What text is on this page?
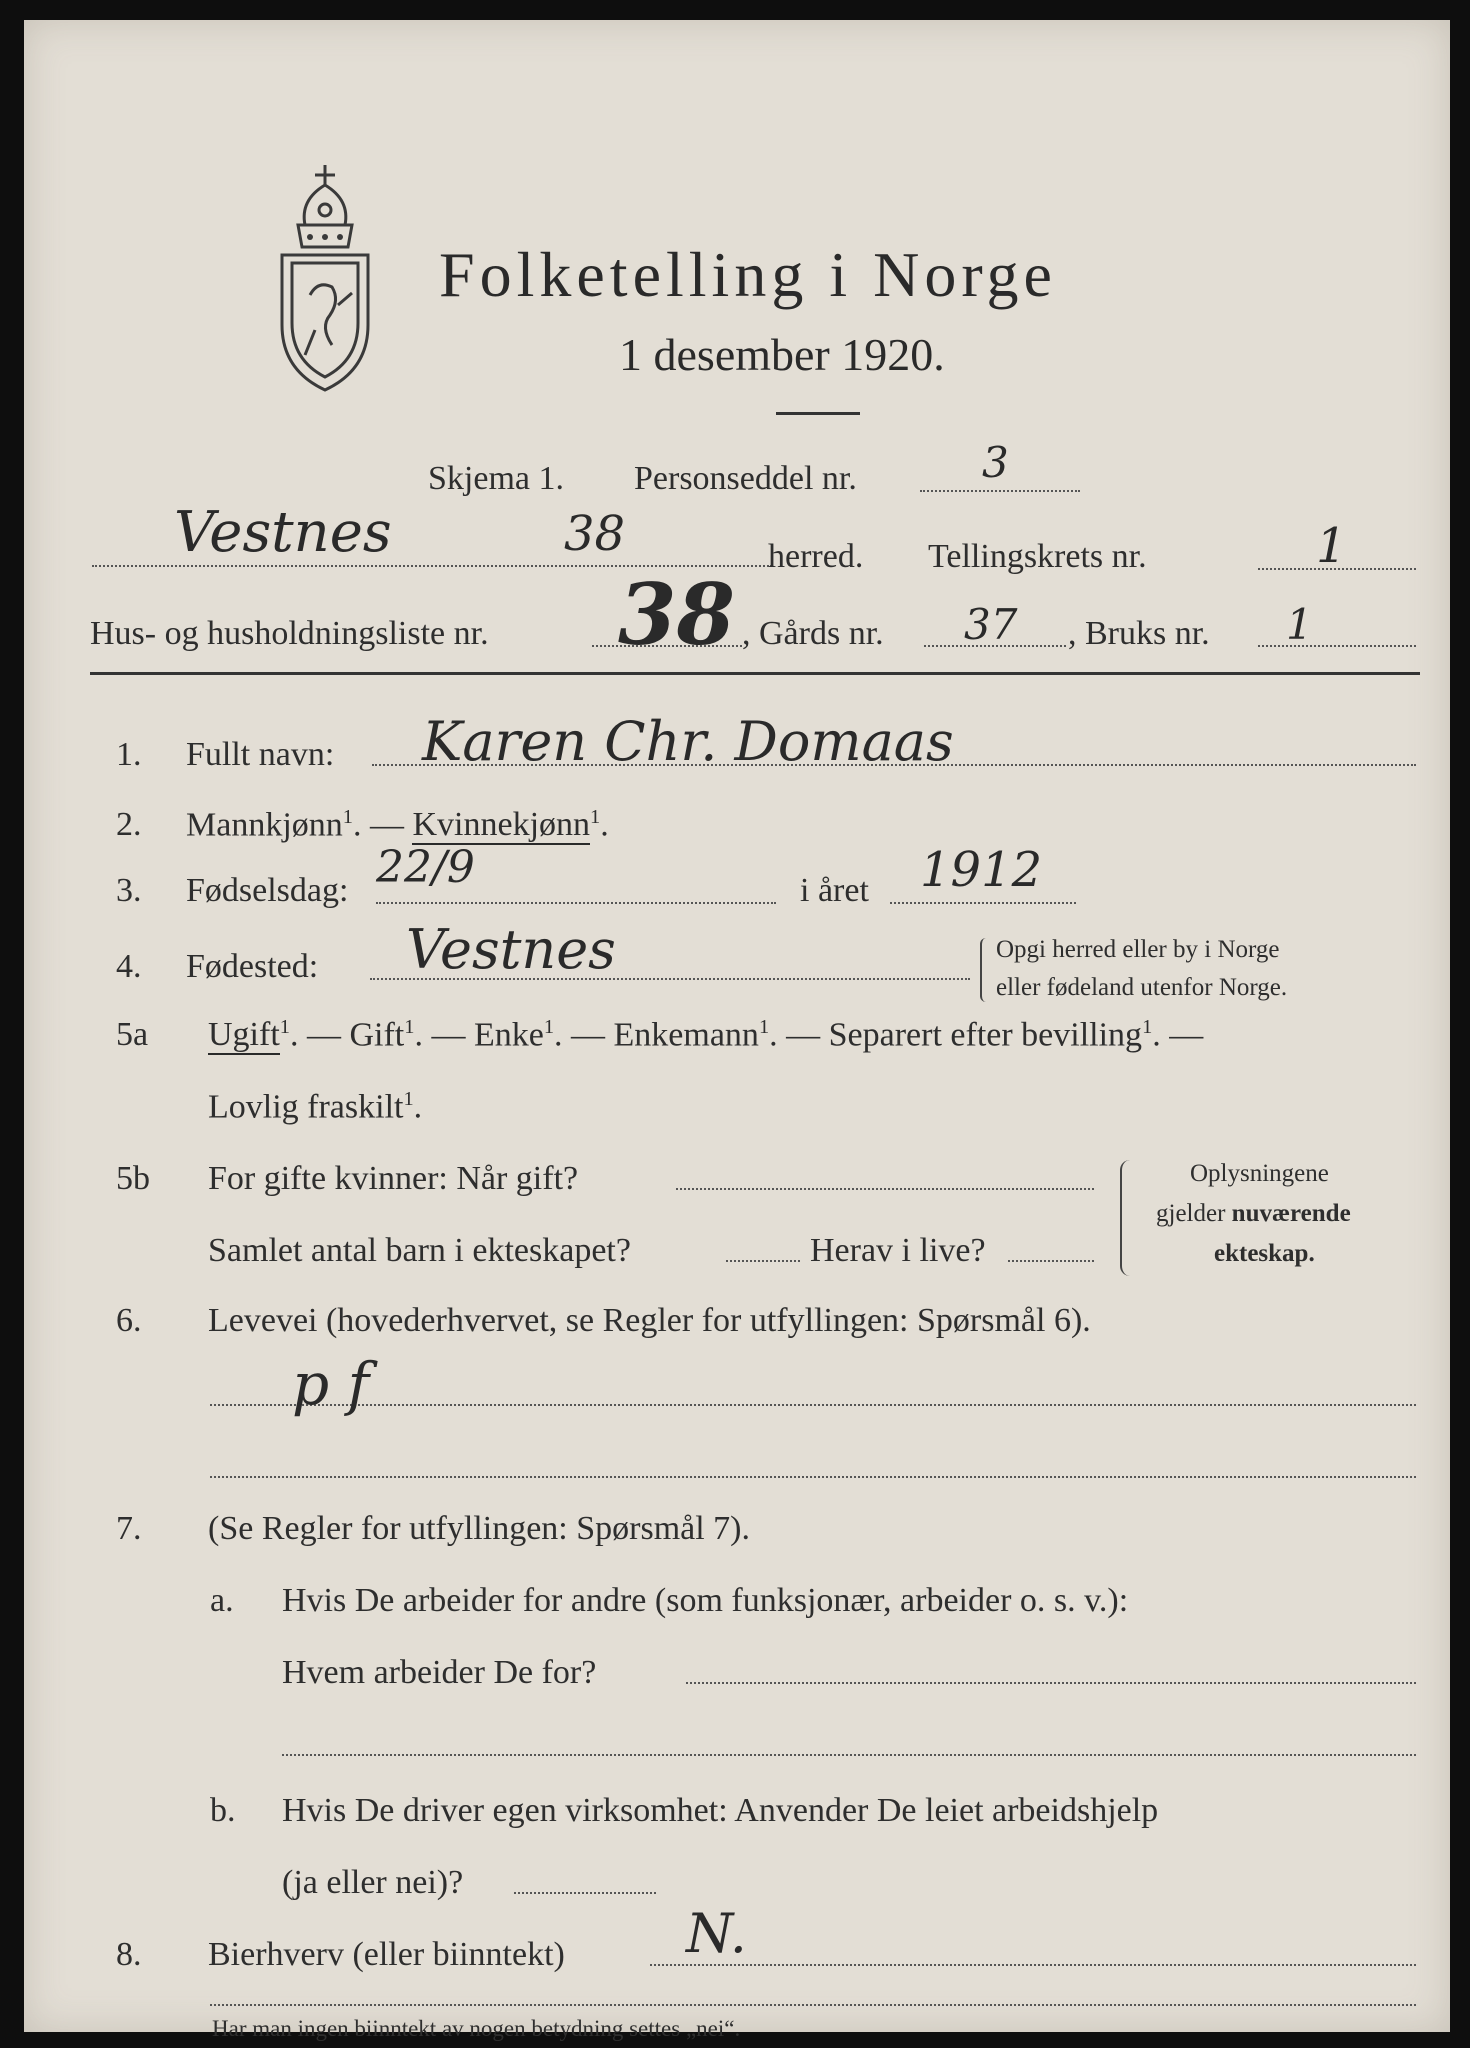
Folketelling i Norge
1 desember 1920.
Skjema 1. Personseddel nr.	3
Vestnes	38	herred. Tellingskrets nr.	1
Hus- og husholdningsliste nr. 38 , Gårds nr. 37 , Bruks nr. 1
1. Fullt navn: Karen Chr. Domaas
2. Mannkjønn$^1$. — Kvinnekjønn$^1$.
3. Fødselsdag: 22/9	i året 1912
4. Fødested: Vestnes	Opgi herred eller by i Norge
eller fødeland utenfor Norge.
5a Ugift$^1$. — Gift$^1$. — Enke$^1$. — Enkemann$^1$. — Separert efter bevilling$^1$. —
Lovlig fraskilt$^1$.
5b For gifte kvinner: Når gift?
Samlet antal barn i ekteskapet?	Herav i live?
Oplysningene
gjelder nuværende
ekteskap.
6. Levevei (hovederhvervet, se Regler for utfyllingen: Spørsmål 6).
p f
7. (Se Regler for utfyllingen: Spørsmål 7).
a. Hvis De arbeider for andre (som funksjonær, arbeider o. s. v.):
Hvem arbeider De for?
b. Hvis De driver egen virksomhet: Anvender De leiet arbeidshjelp
(ja eller nei)?
8. Bierhverv (eller biinntekt) N.
Har man ingen biinntekt av nogen betydning settes „nei“.
